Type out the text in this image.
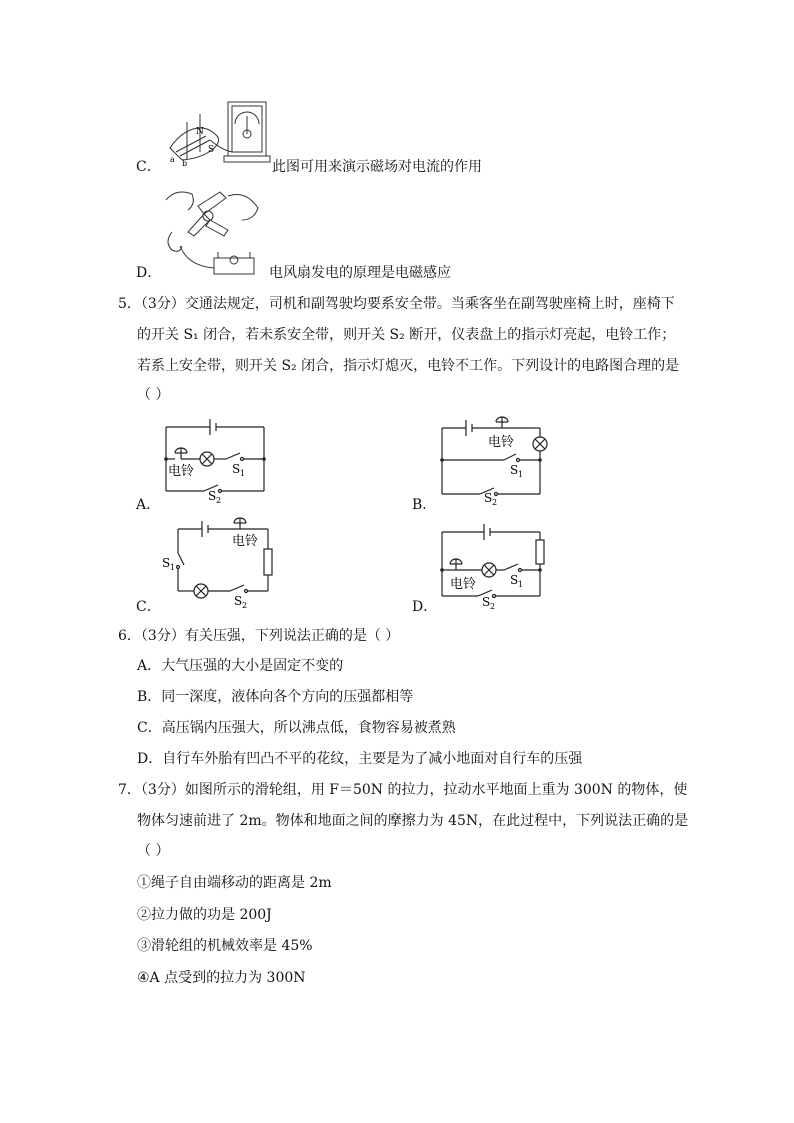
C．
N
S
a b	此图可用来演示磁场对电流的作用
D．	电风扇发电的原理是电磁感应
5．（3分）交通法规定，司机和副驾驶均要系安全带。当乘客坐在副驾驶座椅上时，座椅下
的开关 S₁ 闭合，若未系安全带，则开关 S₂ 断开，仪表盘上的指示灯亮起，电铃工作；
若系上安全带，则开关 S₂ 闭合，指示灯熄灭，电铃不工作。下列设计的电路图合理的是
（ ）
电铃	S 1
S 2
A．
电铃
S 1
S 2
B．
电铃
S 1
S 2
C．
电铃	S 1
S 2
D．
6．（3分）有关压强，下列说法正确的是（ ）
A．大气压强的大小是固定不变的
B．同一深度，液体向各个方向的压强都相等
C．高压锅内压强大，所以沸点低，食物容易被煮熟
D．自行车外胎有凹凸不平的花纹，主要是为了减小地面对自行车的压强
7．（3分）如图所示的滑轮组，用 F＝50N 的拉力，拉动水平地面上重为 300N 的物体，使
物体匀速前进了 2m。物体和地面之间的摩擦力为 45N，在此过程中，下列说法正确的是
（ ）
①绳子自由端移动的距离是 2m
②拉力做的功是 200J
③滑轮组的机械效率是 45%
④A 点受到的拉力为 300N
